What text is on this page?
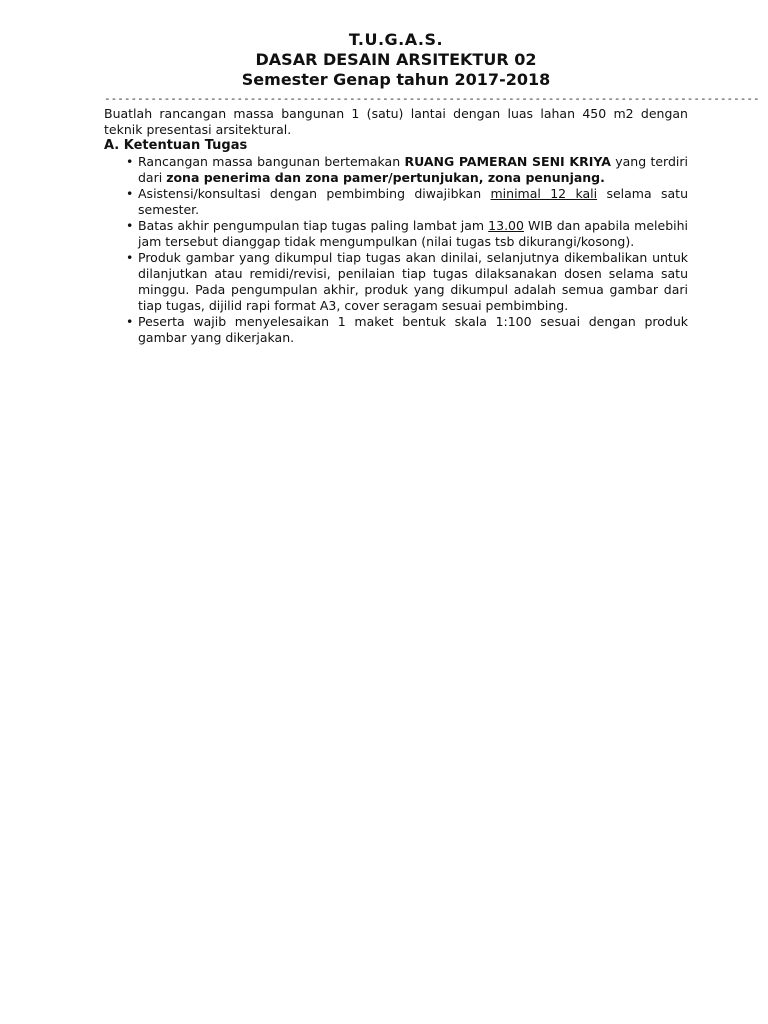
T.U.G.A.S.
DASAR DESAIN ARSITEKTUR 02
Semester Genap tahun 2017-2018
---------------------------------------------------------------------------------------------------

Buatlah rancangan massa bangunan 1 (satu) lantai dengan luas lahan 450 m2 dengan teknik presentasi arsitektural.

A. Ketentuan Tugas

• Rancangan massa bangunan bertemakan RUANG PAMERAN SENI KRIYA yang terdiri dari zona penerima dan zona pamer/pertunjukan, zona penunjang.
• Asistensi/konsultasi dengan pembimbing diwajibkan minimal 12 kali selama satu semester.
• Batas akhir pengumpulan tiap tugas paling lambat jam 13.00 WIB dan apabila melebihi jam tersebut dianggap tidak mengumpulkan (nilai tugas tsb dikurangi/kosong).
• Produk gambar yang dikumpul tiap tugas akan dinilai, selanjutnya dikembalikan untuk dilanjutkan atau remidi/revisi, penilaian tiap tugas dilaksanakan dosen selama satu minggu. Pada pengumpulan akhir, produk yang dikumpul adalah semua gambar dari tiap tugas, dijilid rapi format A3, cover seragam sesuai pembimbing.
• Peserta wajib menyelesaikan 1 maket bentuk skala 1:100 sesuai dengan produk gambar yang dikerjakan.
